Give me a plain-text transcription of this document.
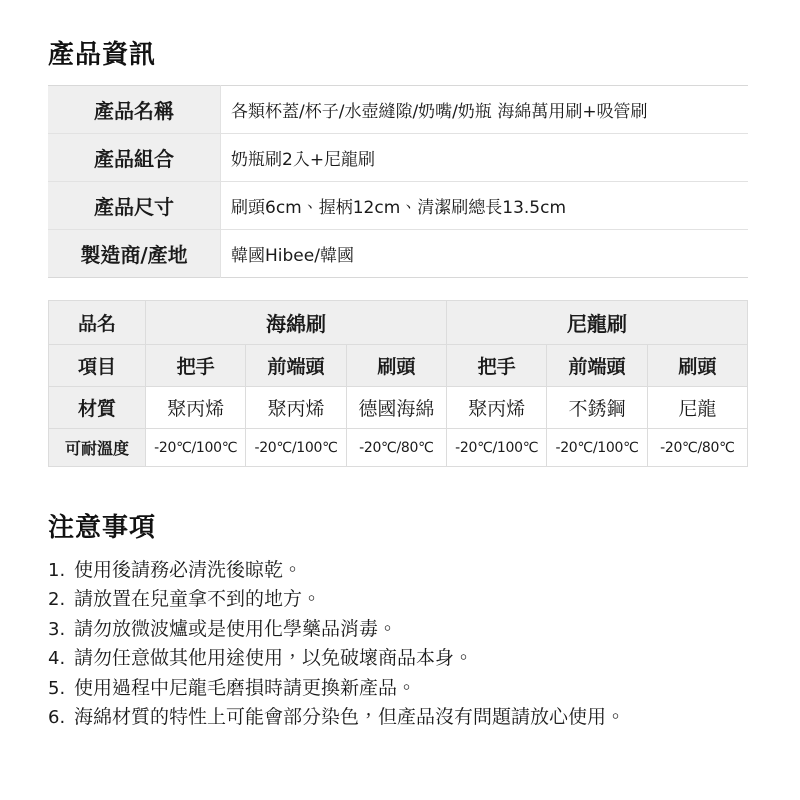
產品資訊
產品名稱	各類杯蓋/杯子/水壺縫隙/奶嘴/奶瓶 海綿萬用刷+吸管刷
產品組合	奶瓶刷2入+尼龍刷
產品尺寸	刷頭6cm、握柄12cm、清潔刷總長13.5cm
製造商/產地	韓國Hibee/韓國
品名	海綿刷			尼龍刷		
項目	把手	前端頭	刷頭	把手	前端頭	刷頭
材質	聚丙烯	聚丙烯	德國海綿	聚丙烯	不銹鋼	尼龍
可耐溫度	-20℃/100℃	-20℃/100℃	-20℃/80℃	-20℃/100℃	-20℃/100℃	-20℃/80℃
注意事項
1. 使用後請務必清洗後晾乾。
2. 請放置在兒童拿不到的地方。
3. 請勿放微波爐或是使用化學藥品消毒。
4. 請勿任意做其他用途使用，以免破壞商品本身。
5. 使用過程中尼龍毛磨損時請更換新產品。
6. 海綿材質的特性上可能會部分染色，但產品沒有問題請放心使用。
